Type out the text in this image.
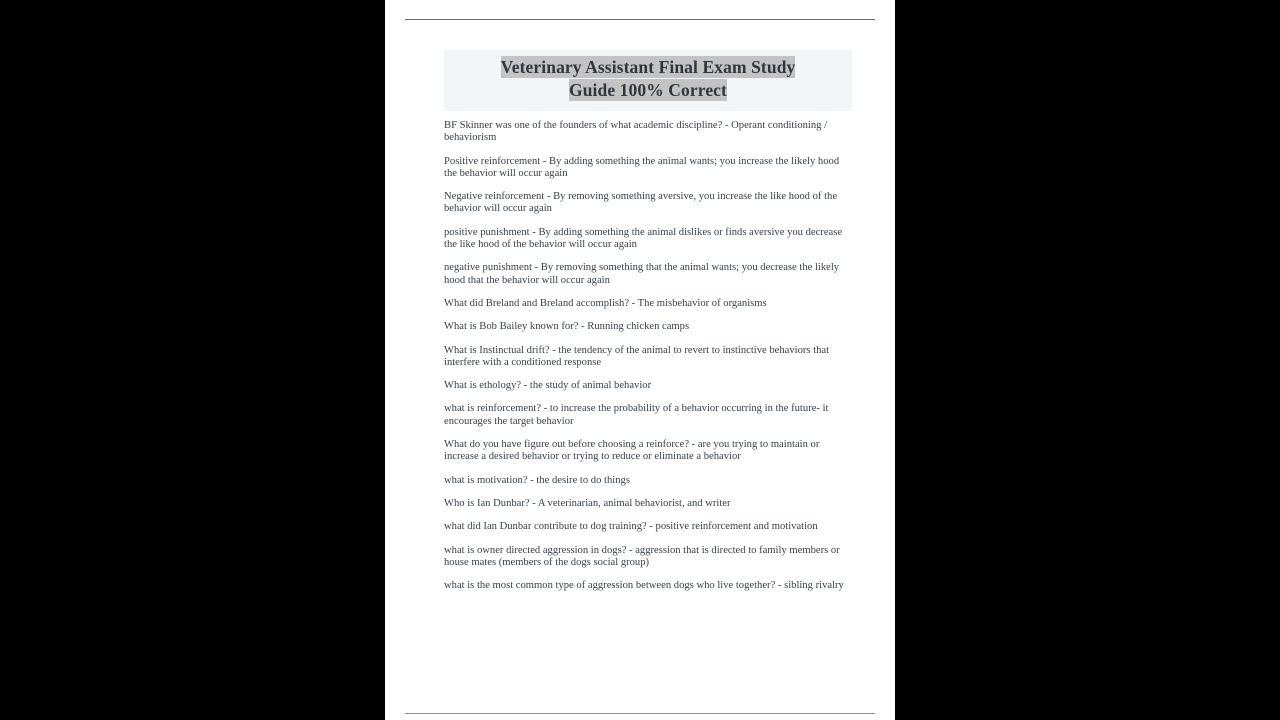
Veterinary Assistant Final Exam Study
Guide 100% Correct

BF Skinner was one of the founders of what academic discipline? - Operant conditioning / behaviorism

Positive reinforcement - By adding something the animal wants; you increase the likely hood the behavior will occur again

Negative reinforcement - By removing something aversive, you increase the like hood of the behavior will occur again

positive punishment - By adding something the animal dislikes or finds aversive you decrease the like hood of the behavior will occur again

negative punishment - By removing something that the animal wants; you decrease the likely hood that the behavior will occur again

What did Breland and Breland accomplish? - The misbehavior of organisms

What is Bob Bailey known for? - Running chicken camps

What is Instinctual drift? - the tendency of the animal to revert to instinctive behaviors that interfere with a conditioned response

What is ethology? - the study of animal behavior

what is reinforcement? - to increase the probability of a behavior occurring in the future- it encourages the target behavior

What do you have figure out before choosing a reinforce? - are you trying to maintain or increase a desired behavior or trying to reduce or eliminate a behavior

what is motivation? - the desire to do things

Who is Ian Dunbar? - A veterinarian, animal behaviorist, and writer

what did Ian Dunbar contribute to dog training? - positive reinforcement and motivation

what is owner directed aggression in dogs? - aggression that is directed to family members or house mates (members of the dogs social group)

what is the most common type of aggression between dogs who live together? - sibling rivalry
